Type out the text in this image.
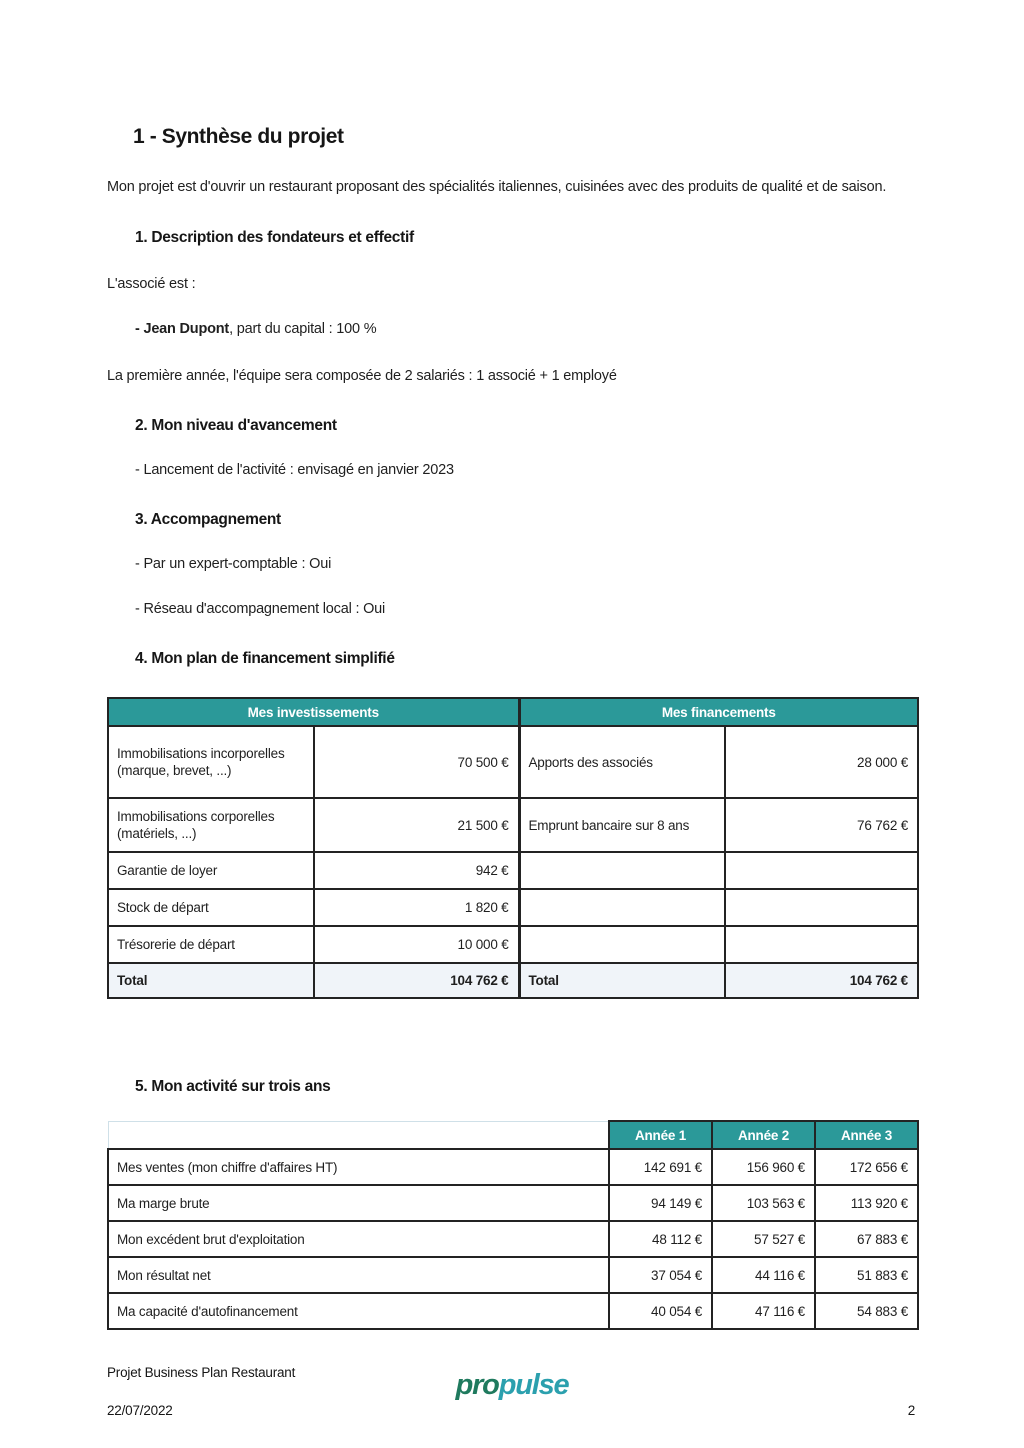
1 - Synthèse du projet

Mon projet est d'ouvrir un restaurant proposant des spécialités italiennes, cuisinées avec des produits de qualité et de saison.

1. Description des fondateurs et effectif

L'associé est :

- Jean Dupont, part du capital : 100 %

La première année, l'équipe sera composée de 2 salariés : 1 associé + 1 employé

2. Mon niveau d'avancement

- Lancement de l'activité : envisagé en janvier 2023

3. Accompagnement

- Par un expert-comptable : Oui

- Réseau d'accompagnement local : Oui

4. Mon plan de financement simplifié
Mes investissements		Mes financements	
Immobilisations incorporelles (marque, brevet, ...)	70 500 €	Apports des associés	28 000 €
Immobilisations corporelles (matériels, ...)	21 500 €	Emprunt bancaire sur 8 ans	76 762 €
Garantie de loyer	942 €		
Stock de départ	1 820 €		
Trésorerie de départ	10 000 €		
Total	104 762 €	Total	104 762 €
5. Mon activité sur trois ans
	Année 1	Année 2	Année 3
Mes ventes (mon chiffre d'affaires HT)	142 691 €	156 960 €	172 656 €
Ma marge brute	94 149 €	103 563 €	113 920 €
Mon excédent brut d'exploitation	48 112 €	57 527 €	67 883 €
Mon résultat net	37 054 €	44 116 €	51 883 €
Ma capacité d'autofinancement	40 054 €	47 116 €	54 883 €
Projet Business Plan Restaurant
22/07/2022
propulse
2
